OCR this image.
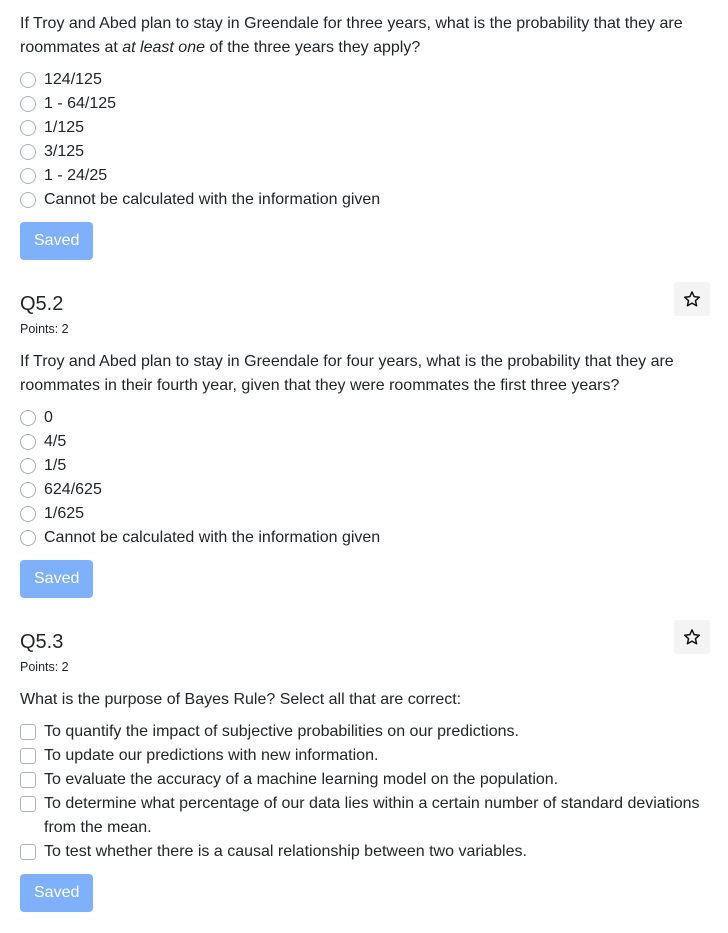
If Troy and Abed plan to stay in Greendale for three years, what is the probability that they are roommates at at least one of the three years they apply?

124/125
1 - 64/125
1/125
3/125
1 - 24/25
Cannot be calculated with the information given
Saved
Q5.2
Points: 2

If Troy and Abed plan to stay in Greendale for four years, what is the probability that they are roommates in their fourth year, given that they were roommates the first three years?

0
4/5
1/5
624/625
1/625
Cannot be calculated with the information given
Saved
Q5.3
Points: 2

What is the purpose of Bayes Rule? Select all that are correct:

To quantify the impact of subjective probabilities on our predictions.
To update our predictions with new information.
To evaluate the accuracy of a machine learning model on the population.
To determine what percentage of our data lies within a certain number of standard deviations from the mean.
To test whether there is a causal relationship between two variables.
Saved
